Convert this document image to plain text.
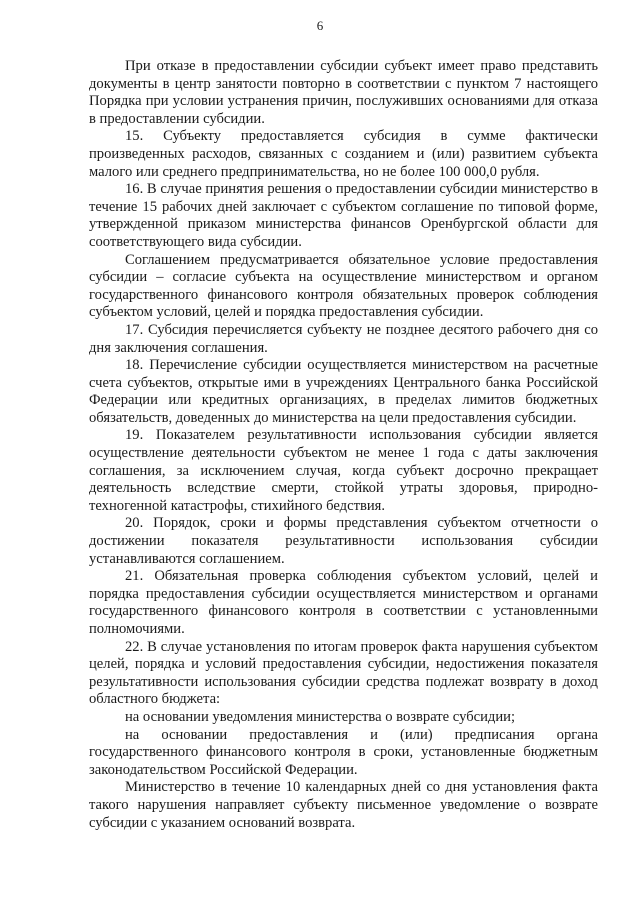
6

При отказе в предоставлении субсидии субъект имеет право представить документы в центр занятости повторно в соответствии с пунктом 7 настоящего Порядка при условии устранения причин, послуживших основаниями для отказа в предоставлении субсидии.

15. Субъекту предоставляется субсидия в сумме фактически произведенных расходов, связанных с созданием и (или) развитием субъекта малого или среднего предпринимательства, но не более 100 000,0 рубля.

16. В случае принятия решения о предоставлении субсидии министерство в течение 15 рабочих дней заключает с субъектом соглашение по типовой форме, утвержденной приказом министерства финансов Оренбургской области для соответствующего вида субсидии.

Соглашением предусматривается обязательное условие предоставления субсидии – согласие субъекта на осуществление министерством и органом государственного финансового контроля обязательных проверок соблюдения субъектом условий, целей и порядка предоставления субсидии.

17. Субсидия перечисляется субъекту не позднее десятого рабочего дня со дня заключения соглашения.

18. Перечисление субсидии осуществляется министерством на расчетные счета субъектов, открытые ими в учреждениях Центрального банка Российской Федерации или кредитных организациях, в пределах лимитов бюджетных обязательств, доведенных до министерства на цели предоставления субсидии.

19. Показателем результативности использования субсидии является осуществление деятельности субъектом не менее 1 года с даты заключения соглашения, за исключением случая, когда субъект досрочно прекращает деятельность вследствие смерти, стойкой утраты здоровья, природно-техногенной катастрофы, стихийного бедствия.

20. Порядок, сроки и формы представления субъектом отчетности о достижении показателя результативности использования субсидии устанавливаются соглашением.

21. Обязательная проверка соблюдения субъектом условий, целей и порядка предоставления субсидии осуществляется министерством и органами государственного финансового контроля в соответствии с установленными полномочиями.

22. В случае установления по итогам проверок факта нарушения субъектом целей, порядка и условий предоставления субсидии, недостижения показателя результативности использования субсидии средства подлежат возврату в доход областного бюджета:

на основании уведомления министерства о возврате субсидии;

на основании предоставления и (или) предписания органа государственного финансового контроля в сроки, установленные бюджетным законодательством Российской Федерации.

Министерство в течение 10 календарных дней со дня установления факта такого нарушения направляет субъекту письменное уведомление о возврате субсидии с указанием оснований возврата.
